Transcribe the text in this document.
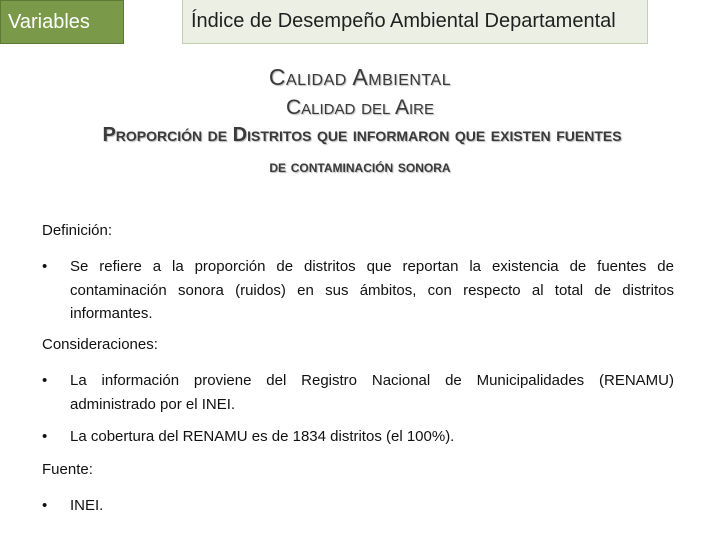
Variables	Índice de Desempeño Ambiental Departamental
Calidad Ambiental
Calidad del Aire
Proporción de Distritos que informaron que existen fuentes
de contaminación sonora
Definición:
•	Se refiere a la proporción de distritos que reportan la existencia de fuentes de contaminación sonora (ruidos) en sus ámbitos, con respecto al total de distritos informantes.
Consideraciones:
•	La información proviene del Registro Nacional de Municipalidades (RENAMU) administrado por el INEI.
•	La cobertura del RENAMU es de 1834 distritos (el 100%).
Fuente:
•	INEI.
